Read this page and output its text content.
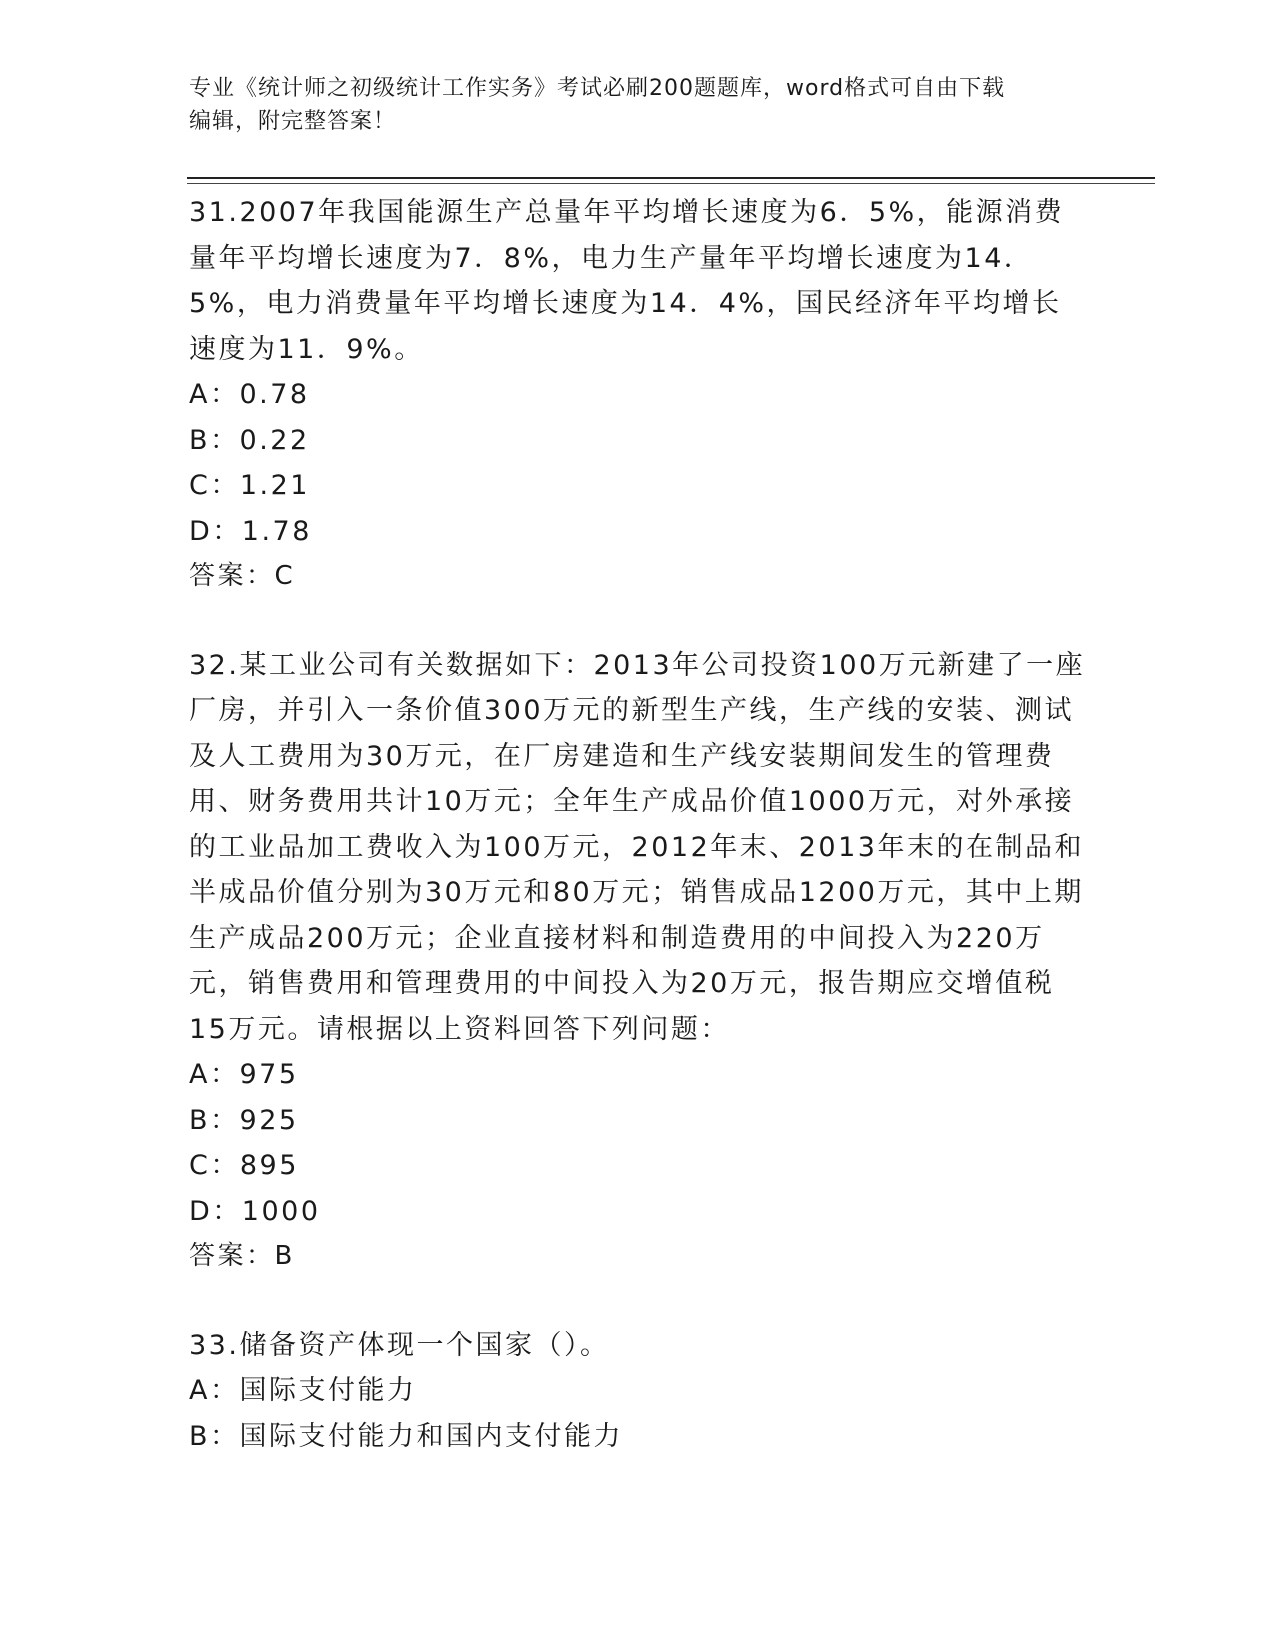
专业《统计师之初级统计工作实务》考试必刷200题题库，word格式可自由下载
编辑，附完整答案！

31.2007年我国能源生产总量年平均增长速度为6．5%，能源消费量年平均增长速度为7．8%，电力生产量年平均增长速度为14．5%，电力消费量年平均增长速度为14．4%，国民经济年平均增长速度为11．9%。

A：0.78

B：0.22

C：1.21

D：1.78

答案：C

32.某工业公司有关数据如下：2013年公司投资100万元新建了一座厂房，并引入一条价值300万元的新型生产线，生产线的安装、测试及人工费用为30万元，在厂房建造和生产线安装期间发生的管理费用、财务费用共计10万元；全年生产成品价值1000万元，对外承接的工业品加工费收入为100万元，2012年末、2013年末的在制品和半成品价值分别为30万元和80万元；销售成品1200万元，其中上期生产成品200万元；企业直接材料和制造费用的中间投入为220万元，销售费用和管理费用的中间投入为20万元，报告期应交增值税15万元。请根据以上资料回答下列问题：

A：975

B：925

C：895

D：1000

答案：B

33.储备资产体现一个国家（）。

A：国际支付能力

B：国际支付能力和国内支付能力
